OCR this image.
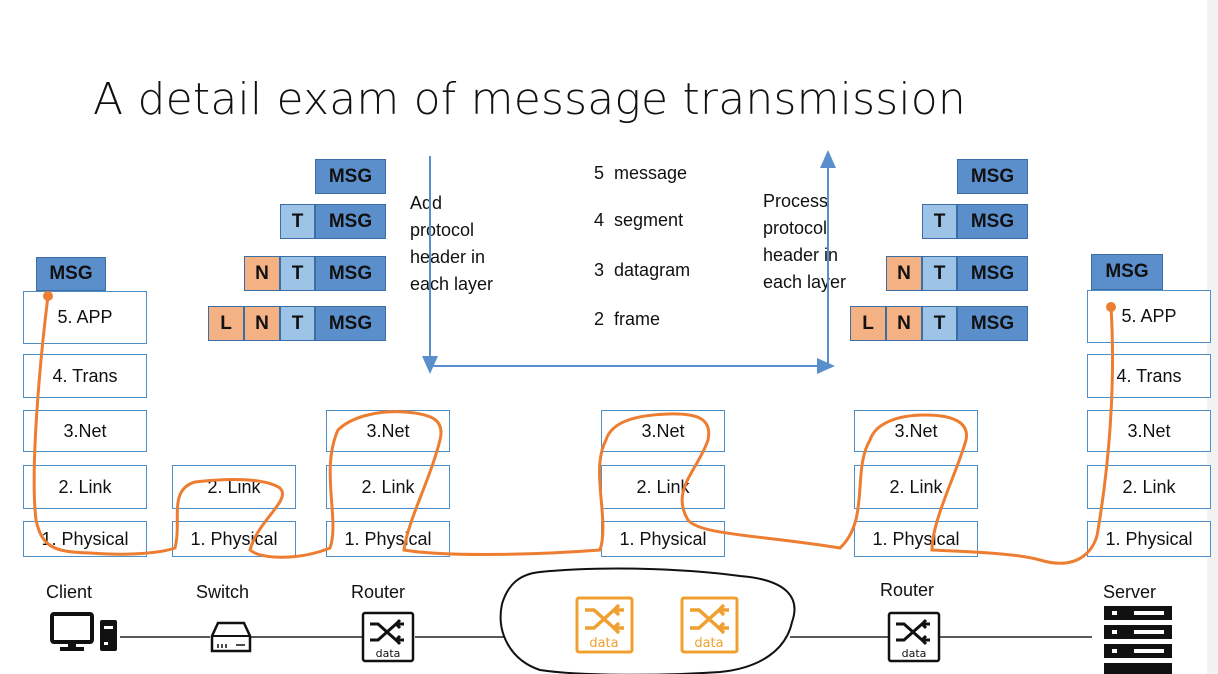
A detail exam of message transmission
MSG
5. APP
4. Trans
3.Net
2. Link
1. Physical
2. Link
1. Physical
3.Net
2. Link
1. Physical
3.Net
2. Link
1. Physical
3.Net
2. Link
1. Physical
MSG
5. APP
4. Trans
3.Net
2. Link
1. Physical
MSG
T	MSG
N	T	MSG
L	N	T	MSG
MSG
T	MSG
N	T	MSG
L	N	T	MSG
Add
protocol
header in
layer
Process
protocol
header in
each layer
5 message
4 segment
3 datagram
2 frame
Client	Switch	Router	Router	Server
data
data	data
data
